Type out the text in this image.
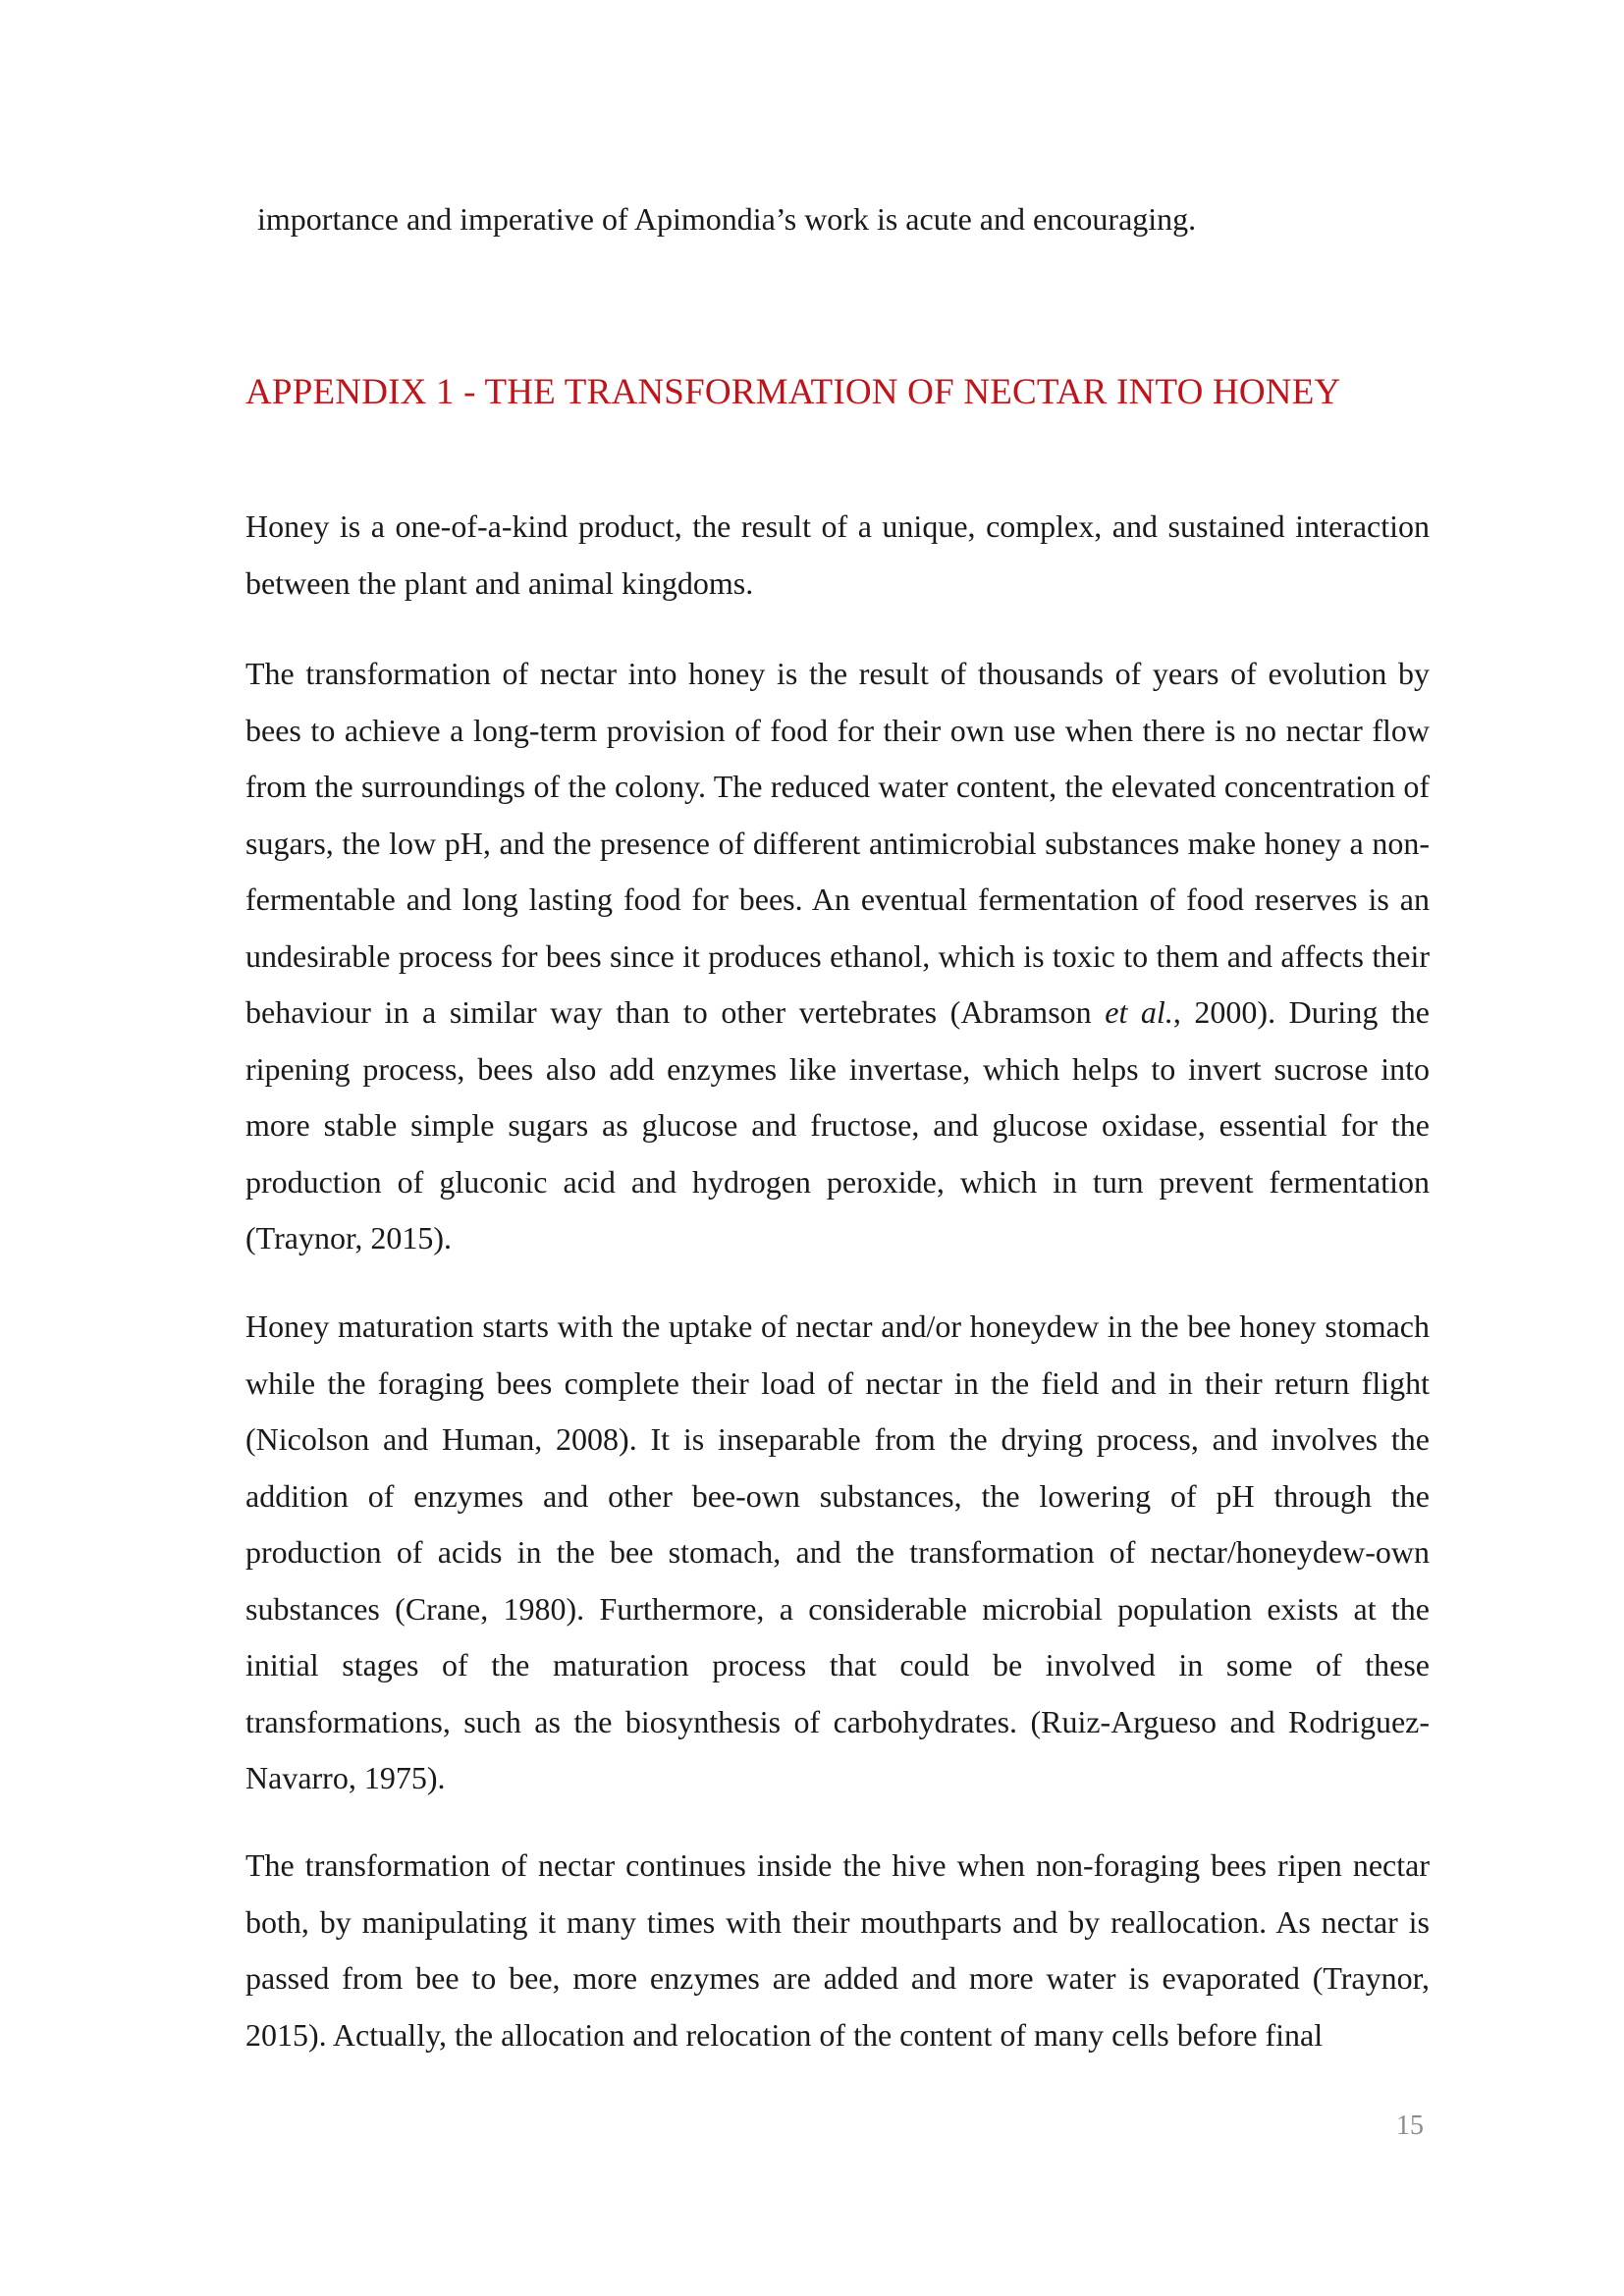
importance and imperative of Apimondia’s work is acute and encouraging.
APPENDIX 1 - THE TRANSFORMATION OF NECTAR INTO HONEY
Honey is a one-of-a-kind product, the result of a unique, complex, and sustained interaction between the plant and animal kingdoms.
The transformation of nectar into honey is the result of thousands of years of evolution by bees to achieve a long-term provision of food for their own use when there is no nectar flow from the surroundings of the colony. The reduced water content, the elevated concentration of sugars, the low pH, and the presence of different antimicrobial substances make honey a non-fermentable and long lasting food for bees. An eventual fermentation of food reserves is an undesirable process for bees since it produces ethanol, which is toxic to them and affects their behaviour in a similar way than to other vertebrates (Abramson et al., 2000). During the ripening process, bees also add enzymes like invertase, which helps to invert sucrose into more stable simple sugars as glucose and fructose, and glucose oxidase, essential for the production of gluconic acid and hydrogen peroxide, which in turn prevent fermentation (Traynor, 2015).
Honey maturation starts with the uptake of nectar and/or honeydew in the bee honey stomach while the foraging bees complete their load of nectar in the field and in their return flight (Nicolson and Human, 2008). It is inseparable from the drying process, and involves the addition of enzymes and other bee-own substances, the lowering of pH through the production of acids in the bee stomach, and the transformation of nectar/honeydew-own substances (Crane, 1980). Furthermore, a considerable microbial population exists at the initial stages of the maturation process that could be involved in some of these transformations, such as the biosynthesis of carbohydrates. (Ruiz-Argueso and Rodriguez-Navarro, 1975).
The transformation of nectar continues inside the hive when non-foraging bees ripen nectar both, by manipulating it many times with their mouthparts and by reallocation. As nectar is passed from bee to bee, more enzymes are added and more water is evaporated (Traynor, 2015). Actually, the allocation and relocation of the content of many cells before final
15
